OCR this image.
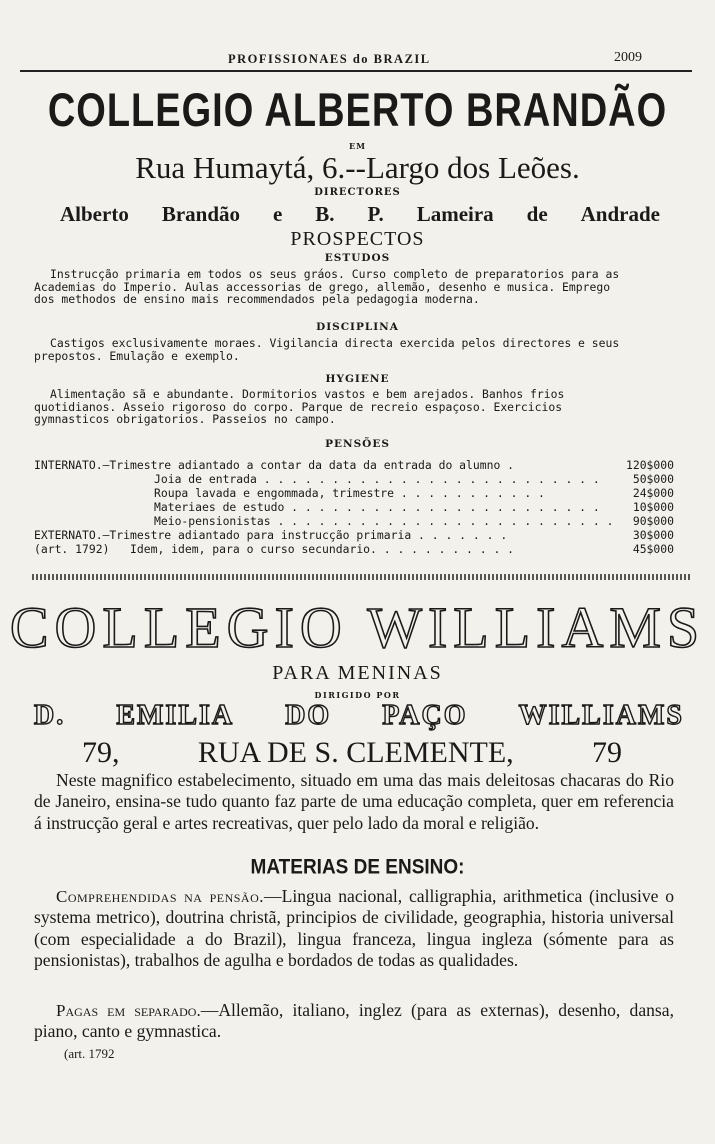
PROFISSIONAES do BRAZIL	2009
COLLEGIO ALBERTO BRANDÃO
EM
Rua Humaytá, 6.--Largo dos Leões.
DIRECTORES
Alberto Brandão e B. P. Lameira de Andrade
PROSPECTOS
ESTUDOS
Instrucção primaria em todos os seus gráos. Curso completo de preparatorios para as
Academias do Imperio. Aulas accessorias de grego, allemão, desenho e musica. Emprego
dos methodos de ensino mais recommendados pela pedagogia moderna.
DISCIPLINA
Castigos exclusivamente moraes. Vigilancia directa exercida pelos directores e seus
prepostos. Emulação e exemplo.
HYGIENE
Alimentação sã e abundante. Dormitorios vastos e bem arejados. Banhos frios
quotidianos. Asseio rigoroso do corpo. Parque de recreio espaçoso. Exercicios
gymnasticos obrigatorios. Passeios no campo.
PENSÕES
INTERNATO.—Trimestre adiantado a contar da data da entrada do alumno .	120$000
Joia de entrada . . . . . . . . . . . . . . . . . . . . . . . . .	50$000
Roupa lavada e engommada, trimestre . . . . . . . . . . .	24$000
Materiaes de estudo . . . . . . . . . . . . . . . . . . . . . . .	10$000
Meio-pensionistas . . . . . . . . . . . . . . . . . . . . . . . . . 90$000
EXTERNATO.—Trimestre adiantado para instrucção primaria . . . . . . .	30$000
(art. 1792)   Idem, idem, para o curso secundario. . . . . . . . . . .	45$000
COLLEGIO WILLIAMS
PARA MENINAS
DIRIGIDO POR
D. EMILIA DO PAÇO WILLIAMS
79,	RUA DE S. CLEMENTE,	79
Neste magnifico estabelecimento, situado em uma das mais deleitosas chacaras do Rio de Janeiro, ensina-se tudo quanto faz parte de uma educação completa, quer em referencia á instrucção geral e artes recreativas, quer pelo lado da moral e religião.
MATERIAS DE ENSINO:
Comprehendidas na pensão.—Lingua nacional, calligraphia, arithmetica (inclusive o systema metrico), doutrina christã, principios de civilidade, geographia, historia universal (com especialidade a do Brazil), lingua franceza, lingua ingleza (sómente para as pensionistas), trabalhos de agulha e bordados de todas as qualidades.
Pagas em separado.—Allemão, italiano, inglez (para as externas), desenho, dansa, piano, canto e gymnastica.
(art. 1792
